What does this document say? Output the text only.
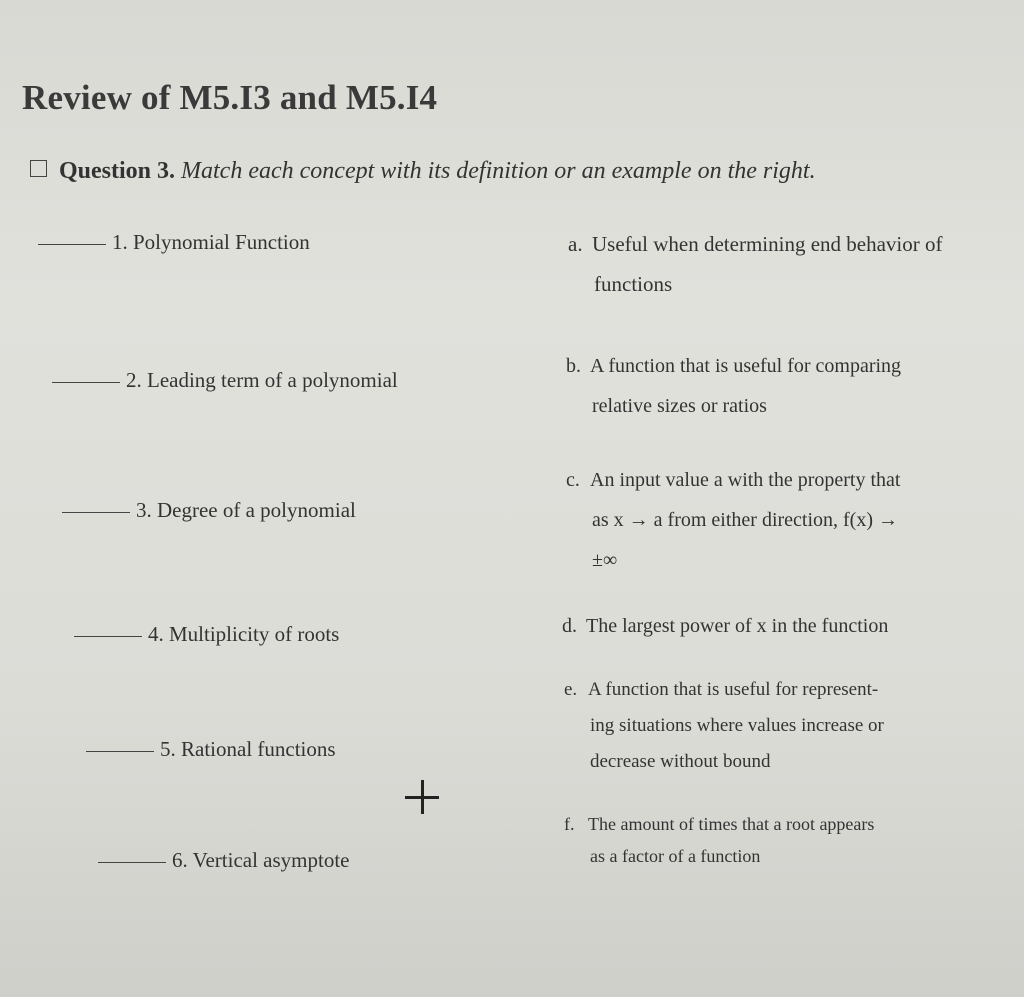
Review of M5.I3 and M5.I4
Question 3. Match each concept with its definition or an example on the right.
1. Polynomial Function
2. Leading term of a polynomial
3. Degree of a polynomial
4. Multiplicity of roots
5. Rational functions
6. Vertical asymptote
a. Useful when determining end behavior of
functions
b. A function that is useful for comparing
relative sizes or ratios
c. An input value a with the property that
as x → a from either direction, f(x) →
±∞
d. The largest power of x in the function
e. A function that is useful for represent-
ing situations where values increase or
decrease without bound
f. The amount of times that a root appears
as a factor of a function
